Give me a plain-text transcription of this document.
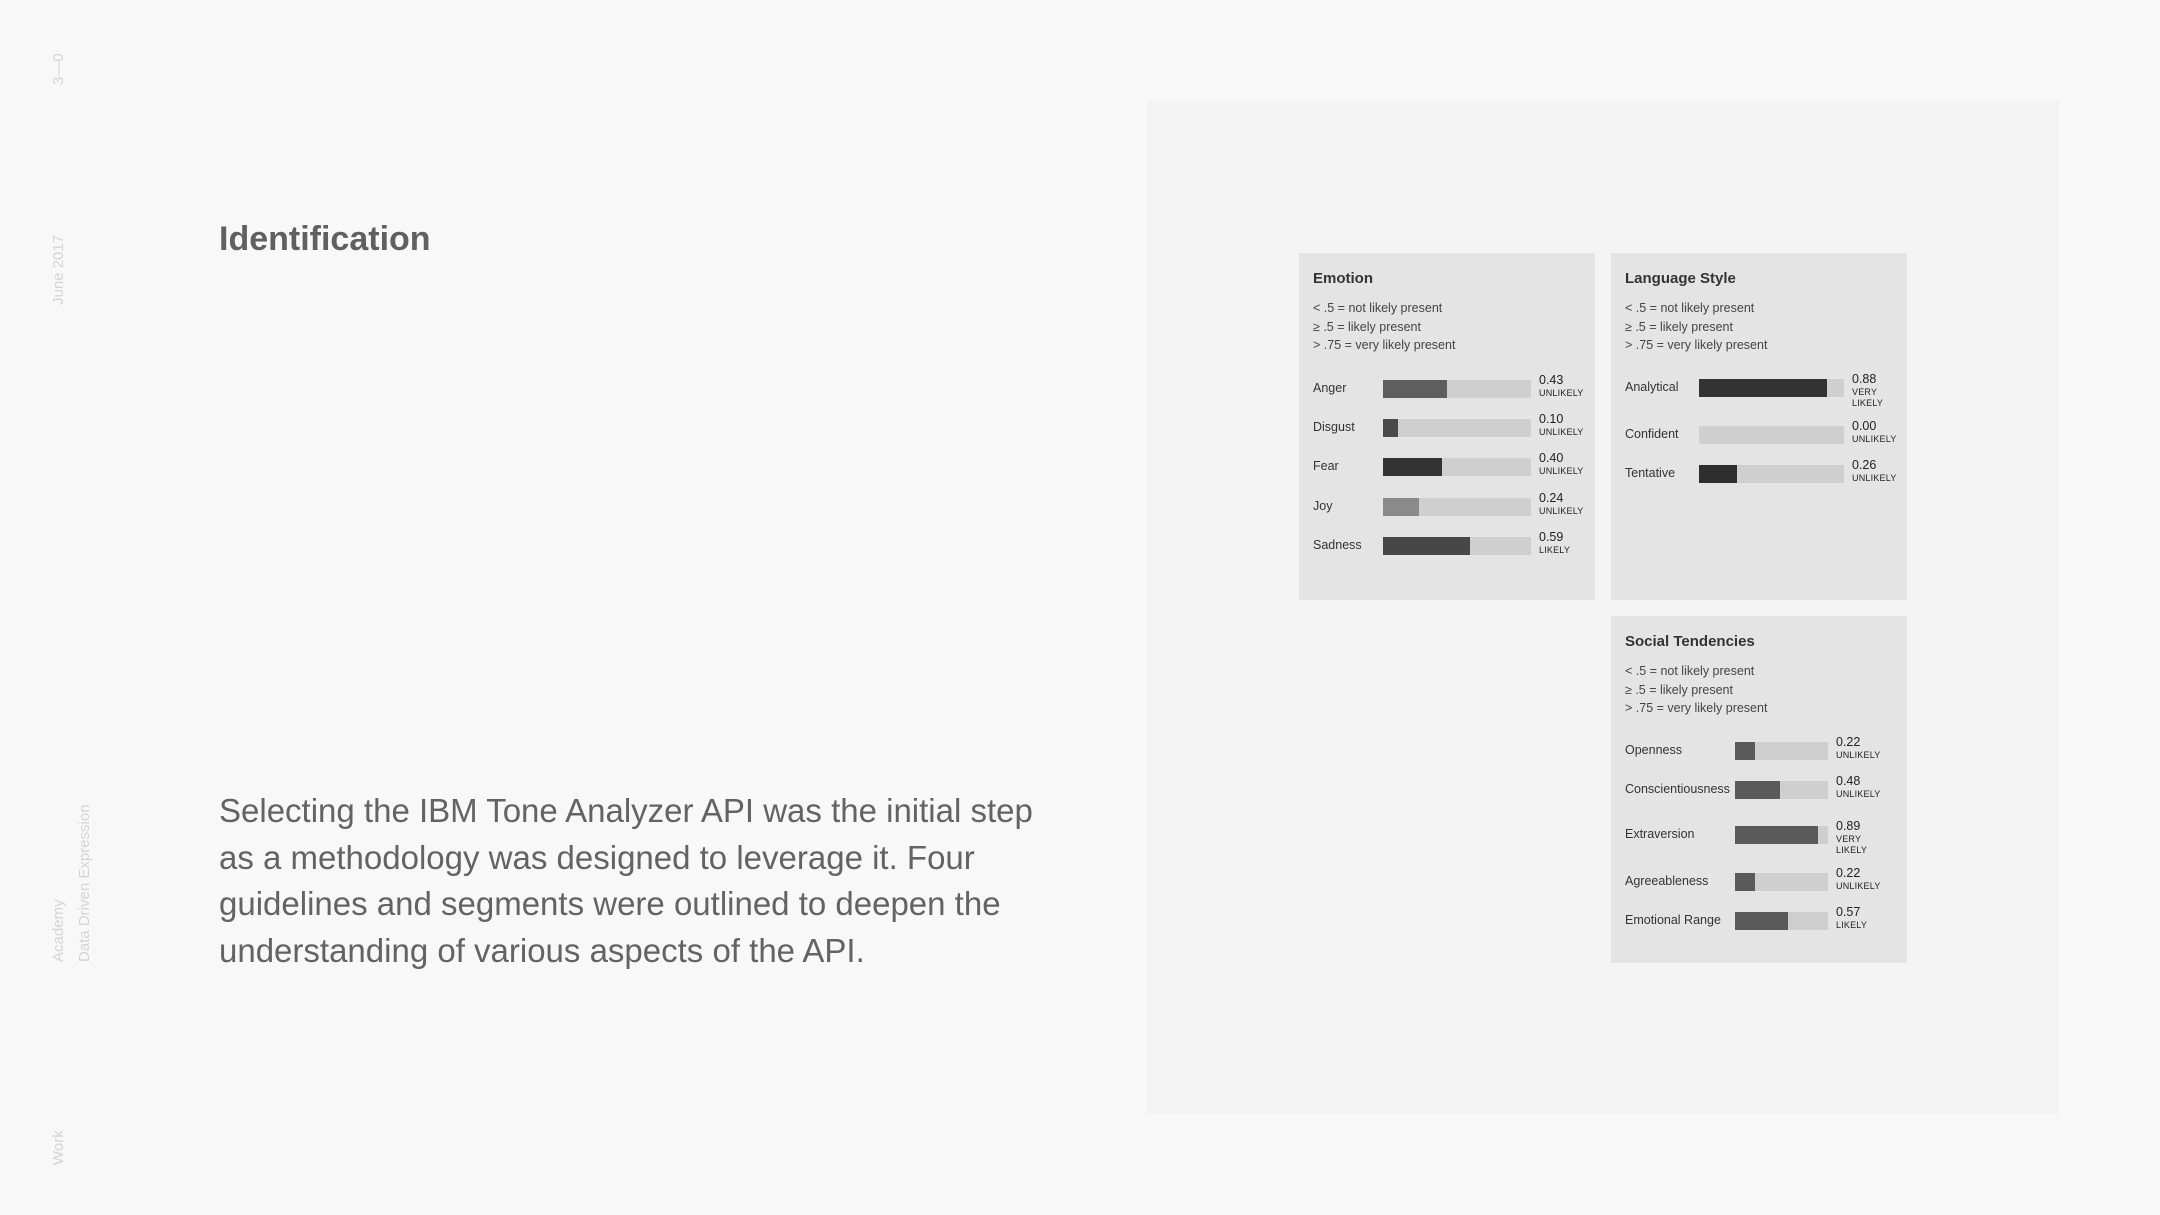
3—0
June 2017
Data Driven Expression
Academy
Work
Identification

Selecting the IBM Tone Analyzer API was the initial step as a methodology was designed to leverage it. Four guidelines and segments were outlined to deepen the understanding of various aspects of the API.

Emotion
< .5 = not likely present
≥ .5 = likely present
> .75 = very likely present
Anger
0.43
UNLIKELY
Disgust
0.10
UNLIKELY
Fear
0.40
UNLIKELY
Joy
0.24
UNLIKELY
Sadness
0.59
LIKELY
Language Style
< .5 = not likely present
≥ .5 = likely present
> .75 = very likely present
Analytical
0.88
VERY LIKELY
Confident
0.00
UNLIKELY
Tentative
0.26
UNLIKELY
Social Tendencies
< .5 = not likely present
≥ .5 = likely present
> .75 = very likely present
Openness
0.22
UNLIKELY
Conscientiousness
0.48
UNLIKELY
Extraversion
0.89
VERY LIKELY
Agreeableness
0.22
UNLIKELY
Emotional Range
0.57
LIKELY
